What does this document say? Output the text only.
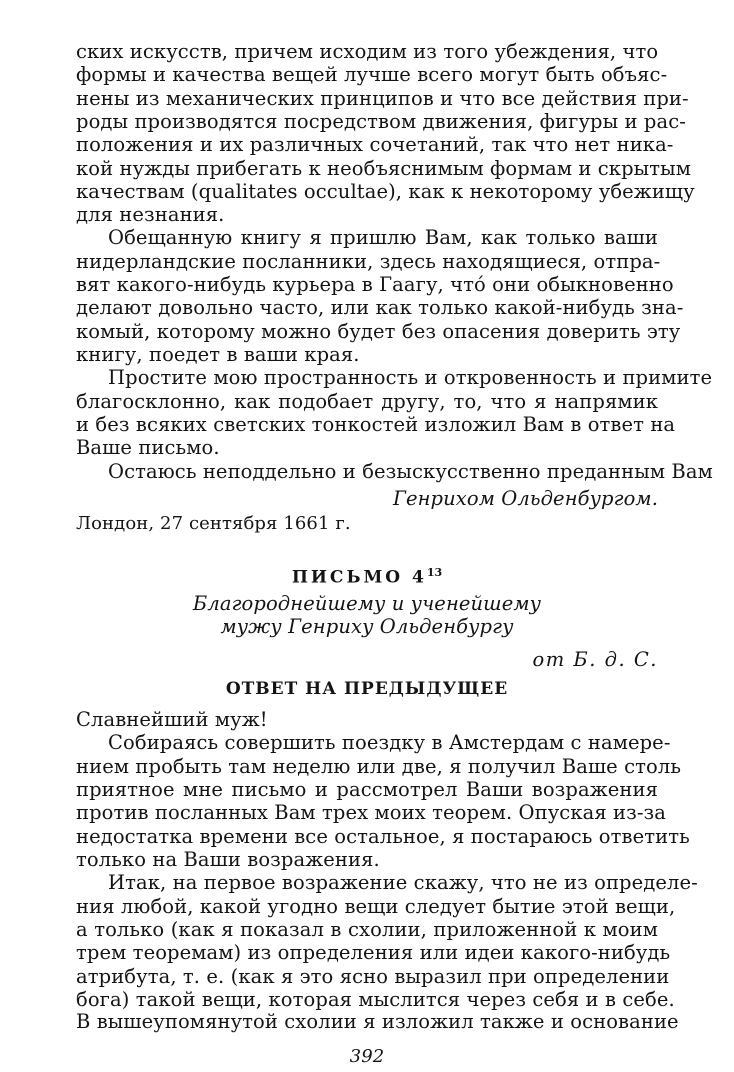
ских искусств, причем исходим из того убеждения, что
формы и качества вещей лучше всего могут быть объяс-
нены из механических принципов и что все действия при-
роды производятся посредством движения, фигуры и рас-
положения и их различных сочетаний, так что нет ника-
кой нужды прибегать к необъяснимым формам и скрытым
качествам (qualitates occultae), как к некоторому убежищу
для незнания.
Обещанную книгу я пришлю Вам, как только ваши
нидерландские посланники, здесь находящиеся, отпра-
вят какого-нибудь курьера в Гаагу, что́ они обыкновенно
делают довольно часто, или как только какой-нибудь зна-
комый, которому можно будет без опасения доверить эту
книгу, поедет в ваши края.
Простите мою пространность и откровенность и примите
благосклонно, как подобает другу, то, что я напрямик
и без всяких светских тонкостей изложил Вам в ответ на
Ваше письмо.
Остаюсь неподдельно и безыскусственно преданным Вам
Генрихом Ольденбургом.
Лондон, 27 сентября 1661 г.
ПИСЬМО $4^{13}$
Благороднейшему и ученейшему
мужу Генриху Ольденбургу
от Б. д. С.
ОТВЕТ НА ПРЕДЫДУЩЕЕ
Славнейший муж!
Собираясь совершить поездку в Амстердам с намере-
нием пробыть там неделю или две, я получил Ваше столь
приятное мне письмо и рассмотрел Ваши возражения
против посланных Вам трех моих теорем. Опуская из-за
недостатка времени все остальное, я постараюсь ответить
только на Ваши возражения.
Итак, на первое возражение скажу, что не из определе-
ния любой, какой угодно вещи следует бытие этой вещи,
а только (как я показал в схолии, приложенной к моим
трем теоремам) из определения или идеи какого-нибудь
атрибута, т. е. (как я это ясно выразил при определении
бога) такой вещи, которая мыслится через себя и в себе.
В вышеупомянутой схолии я изложил также и основание
392
